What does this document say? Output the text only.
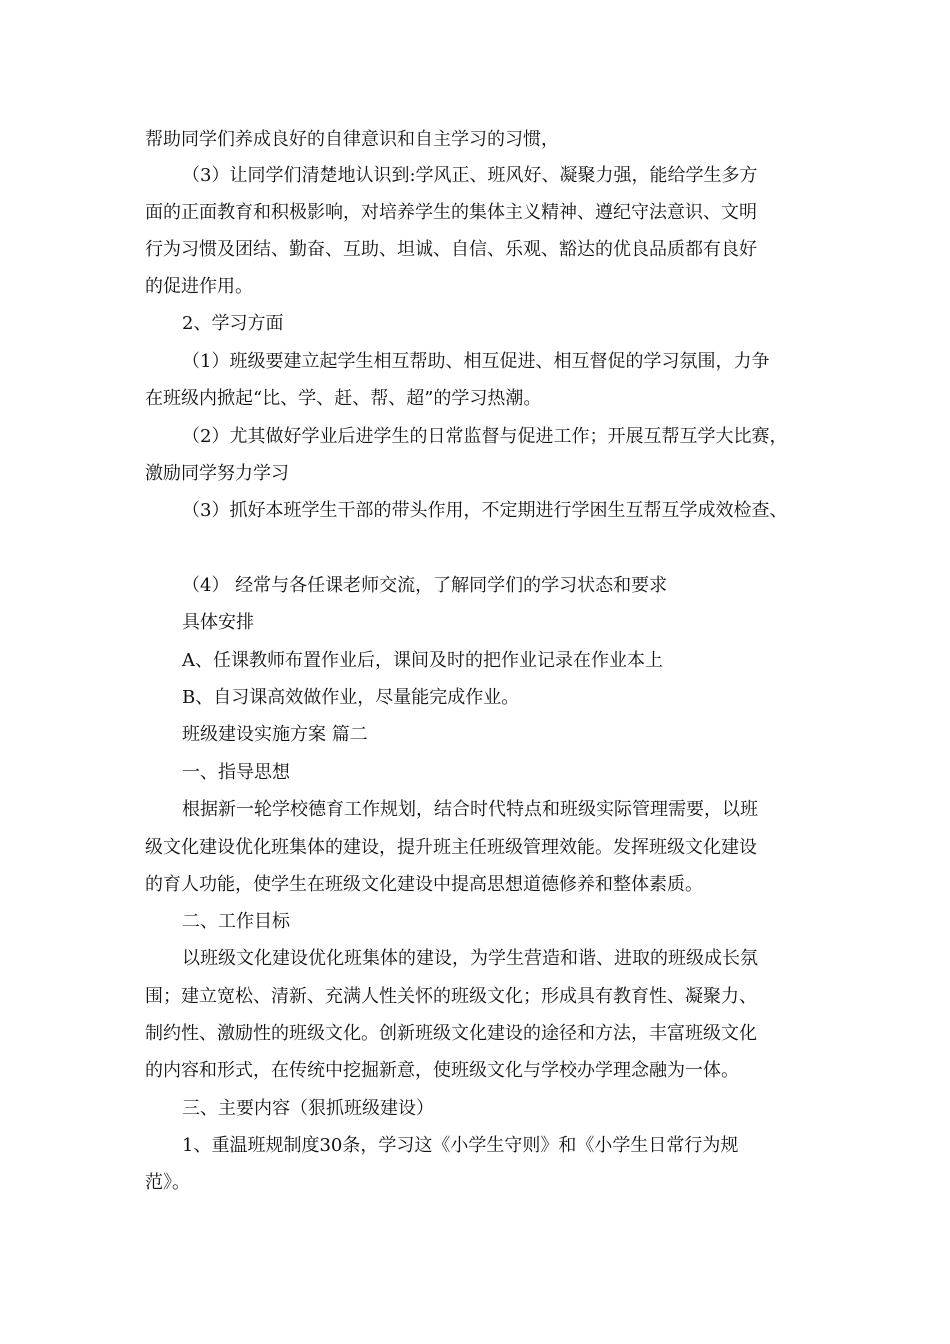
帮助同学们养成良好的自律意识和自主学习的习惯，
（3）让同学们清楚地认识到:学风正、班风好、凝聚力强，能给学生多方
面的正面教育和积极影响，对培养学生的集体主义精神、遵纪守法意识、文明
行为习惯及团结、勤奋、互助、坦诚、自信、乐观、豁达的优良品质都有良好
的促进作用。
2、学习方面
（1）班级要建立起学生相互帮助、相互促进、相互督促的学习氛围，力争
在班级内掀起“比、学、赶、帮、超”的学习热潮。
（2）尤其做好学业后进学生的日常监督与促进工作；开展互帮互学大比赛，
激励同学努力学习
（3）抓好本班学生干部的带头作用，不定期进行学困生互帮互学成效检查、
（4） 经常与各任课老师交流，了解同学们的学习状态和要求
具体安排
A、任课教师布置作业后，课间及时的把作业记录在作业本上
B、自习课高效做作业，尽量能完成作业。
班级建设实施方案 篇二
一、指导思想
根据新一轮学校德育工作规划，结合时代特点和班级实际管理需要，以班
级文化建设优化班集体的建设，提升班主任班级管理效能。发挥班级文化建设
的育人功能，使学生在班级文化建设中提高思想道德修养和整体素质。
二、工作目标
以班级文化建设优化班集体的建设，为学生营造和谐、进取的班级成长氛
围；建立宽松、清新、充满人性关怀的班级文化；形成具有教育性、凝聚力、
制约性、激励性的班级文化。创新班级文化建设的途径和方法，丰富班级文化
的内容和形式，在传统中挖掘新意，使班级文化与学校办学理念融为一体。
三、主要内容（狠抓班级建设）
1、重温班规制度30条，学习这《小学生守则》和《小学生日常行为规
范》。
